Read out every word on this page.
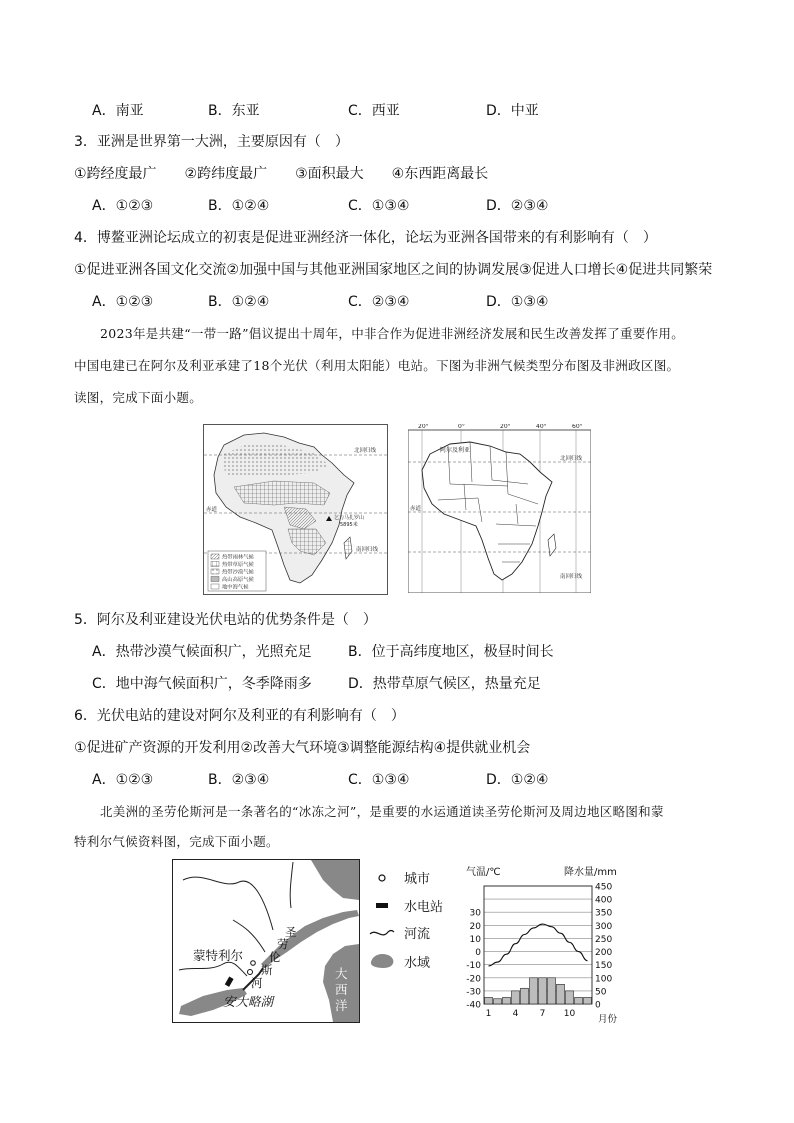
A．南亚	B．东亚	C．西亚	D．中亚
3．亚洲是世界第一大洲，主要原因有（　）
①跨经度最广　　②跨纬度最广　　③面积最大　　④东西距离最长
A．①②③	B．①②④	C．①③④	D．②③④
4．博鳌亚洲论坛成立的初衷是促进亚洲经济一体化，论坛为亚洲各国带来的有利影响有（　）
①促进亚洲各国文化交流②加强中国与其他亚洲国家地区之间的协调发展③促进人口增长④促进共同繁荣
A．①②③	B．①②④	C．②③④	D．①③④
2023年是共建“一带一路”倡议提出十周年，中非合作为促进非洲经济发展和民生改善发挥了重要作用。
中国电建已在阿尔及利亚承建了18个光伏（利用太阳能）电站。下图为非洲气候类型分布图及非洲政区图。
读图，完成下面小题。
北回归线
赤道
南回归线
乞力马扎罗山
5895米
热带雨林气候
热带草原气候
热带沙漠气候
高山高原气候
地中海气候
20°	0°	20°	40°	60°
阿尔及利亚
北回归线
赤道
南回归线
5．阿尔及利亚建设光伏电站的优势条件是（　）
A．热带沙漠气候面积广，光照充足	B．位于高纬度地区，极昼时间长
C．地中海气候面积广，冬季降雨多	D．热带草原气候区，热量充足
6．光伏电站的建设对阿尔及利亚的有利影响有（　）
①促进矿产资源的开发利用②改善大气环境③调整能源结构④提供就业机会
A．①②③	B．②③④	C．①③④	D．①②④
北美洲的圣劳伦斯河是一条著名的“冰冻之河”，是重要的水运通道读圣劳伦斯河及周边地区略图和蒙
特利尔气候资料图，完成下面小题。
蒙特利尔
圣
劳
伦
斯
河
安大略湖
大
西
洋
城市
水电站
河流
水域
气温/℃	降水量/mm
30
20
10
0
-10
-20
-30
-40
450
400
350
300
250
200
150
100
50
0
1 4 7 10 月份
